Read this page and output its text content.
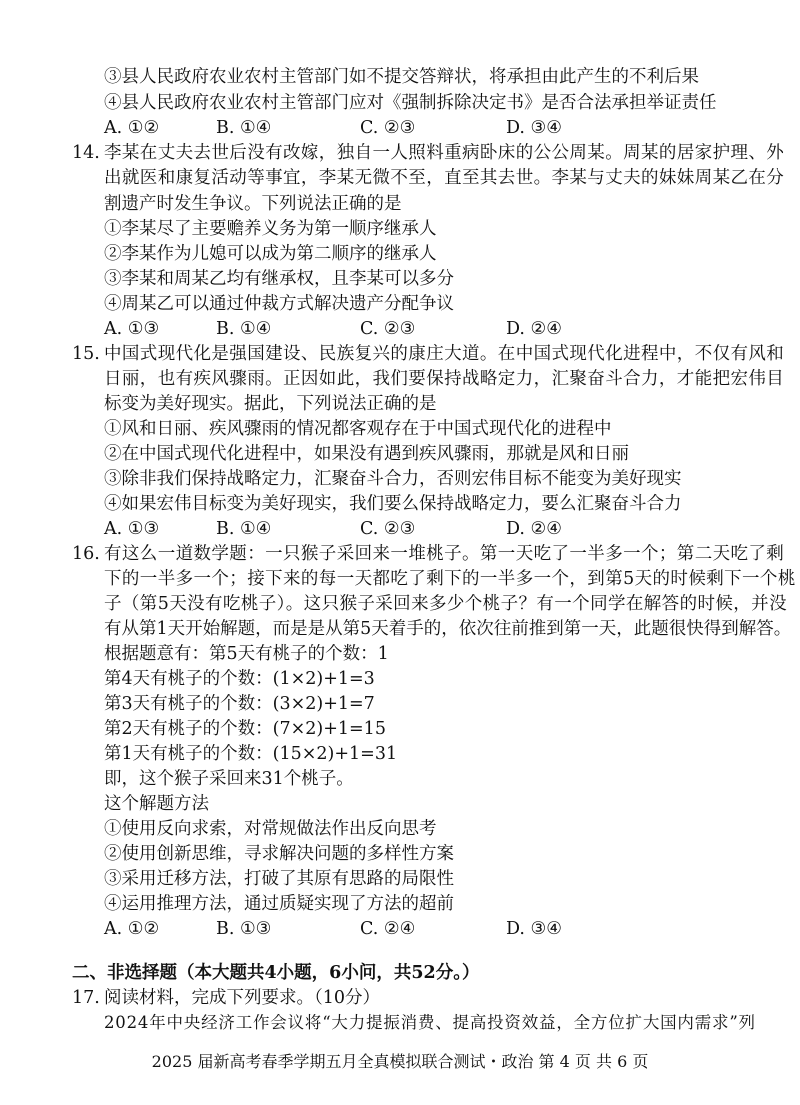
③县人民政府农业农村主管部门如不提交答辩状，将承担由此产生的不利后果
④县人民政府农业农村主管部门应对《强制拆除决定书》是否合法承担举证责任
A. ①②	B. ①④	C. ②③	D. ③④
14. 李某在丈夫去世后没有改嫁，独自一人照料重病卧床的公公周某。周某的居家护理、外
出就医和康复活动等事宜，李某无微不至，直至其去世。李某与丈夫的妹妹周某乙在分
割遗产时发生争议。下列说法正确的是
①李某尽了主要赡养义务为第一顺序继承人
②李某作为儿媳可以成为第二顺序的继承人
③李某和周某乙均有继承权，且李某可以多分
④周某乙可以通过仲裁方式解决遗产分配争议
A. ①③	B. ①④	C. ②③	D. ②④
15. 中国式现代化是强国建设、民族复兴的康庄大道。在中国式现代化进程中，不仅有风和
日丽，也有疾风骤雨。正因如此，我们要保持战略定力，汇聚奋斗合力，才能把宏伟目
标变为美好现实。据此，下列说法正确的是
①风和日丽、疾风骤雨的情况都客观存在于中国式现代化的进程中
②在中国式现代化进程中，如果没有遇到疾风骤雨，那就是风和日丽
③除非我们保持战略定力，汇聚奋斗合力，否则宏伟目标不能变为美好现实
④如果宏伟目标变为美好现实，我们要么保持战略定力，要么汇聚奋斗合力
A. ①③	B. ①④	C. ②③	D. ②④
16. 有这么一道数学题：一只猴子采回来一堆桃子。第一天吃了一半多一个；第二天吃了剩
下的一半多一个；接下来的每一天都吃了剩下的一半多一个，到第5天的时候剩下一个桃
子（第5天没有吃桃子）。这只猴子采回来多少个桃子？有一个同学在解答的时候，并没
有从第1天开始解题，而是是从第5天着手的，依次往前推到第一天，此题很快得到解答。
根据题意有：第5天有桃子的个数：1
第4天有桃子的个数：(1×2)+1=3
第3天有桃子的个数：(3×2)+1=7
第2天有桃子的个数：(7×2)+1=15
第1天有桃子的个数：(15×2)+1=31
即，这个猴子采回来31个桃子。
这个解题方法
①使用反向求索，对常规做法作出反向思考
②使用创新思维，寻求解决问题的多样性方案
③采用迁移方法，打破了其原有思路的局限性
④运用推理方法，通过质疑实现了方法的超前
A. ①②	B. ①③	C. ②④	D. ③④
二、非选择题（本大题共4小题，6小问，共52分。）
17. 阅读材料，完成下列要求。（10分）
2024年中央经济工作会议将“大力提振消费、提高投资效益，全方位扩大国内需求”列
2025 届新高考春季学期五月全真模拟联合测试・政治 第 4 页 共 6 页
